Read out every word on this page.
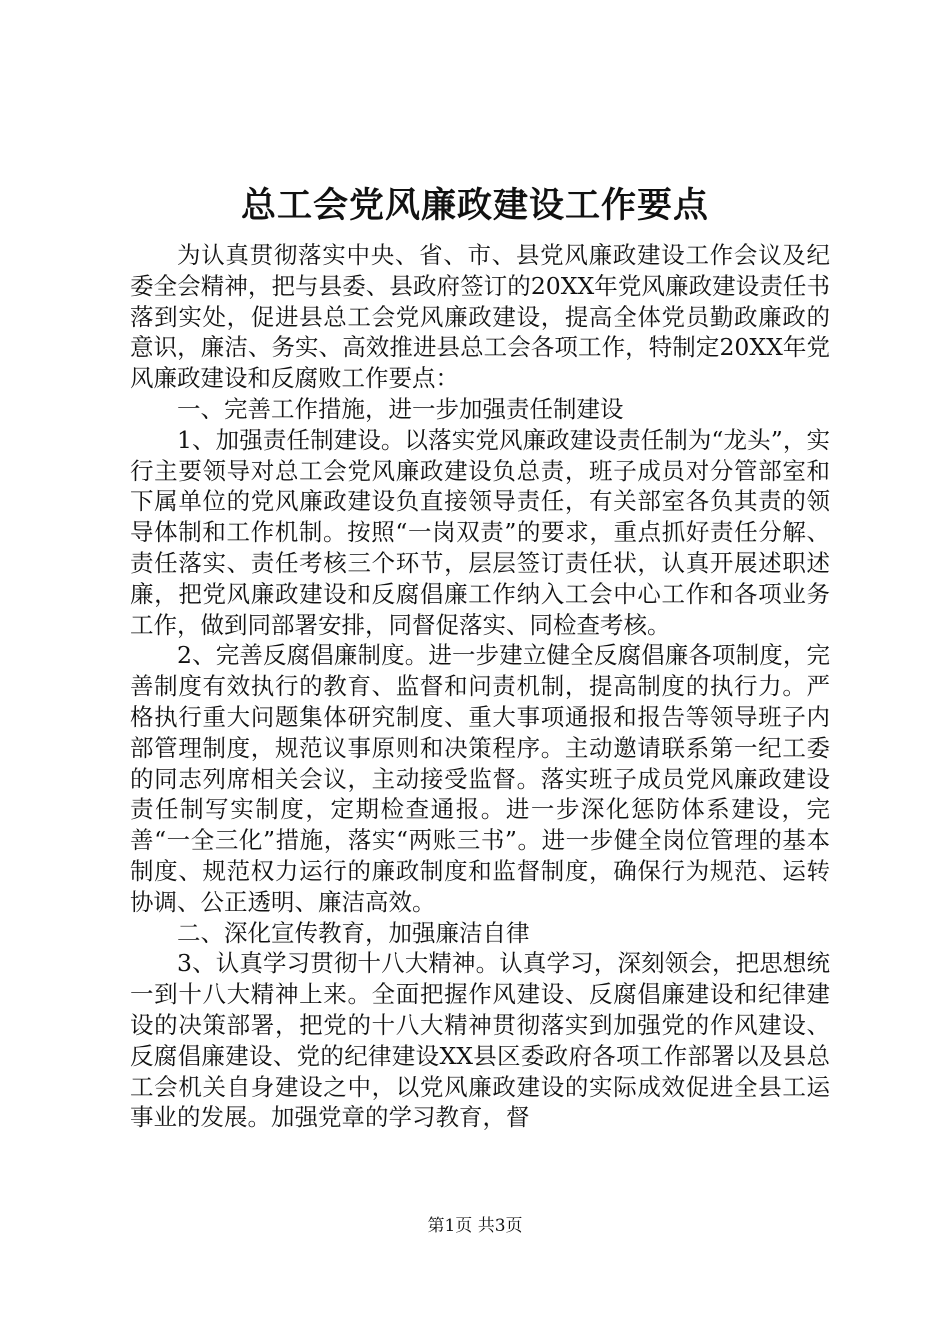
总工会党风廉政建设工作要点

为认真贯彻落实中央、省、市、县党风廉政建设工作会议及纪委全会精神，把与县委、县政府签订的20XX年党风廉政建设责任书落到实处，促进县总工会党风廉政建设，提高全体党员勤政廉政的意识，廉洁、务实、高效推进县总工会各项工作，特制定20XX年党风廉政建设和反腐败工作要点：

一、完善工作措施，进一步加强责任制建设

1、加强责任制建设。以落实党风廉政建设责任制为“龙头”，实行主要领导对总工会党风廉政建设负总责，班子成员对分管部室和下属单位的党风廉政建设负直接领导责任，有关部室各负其责的领导体制和工作机制。按照“一岗双责”的要求，重点抓好责任分解、责任落实、责任考核三个环节，层层签订责任状，认真开展述职述廉，把党风廉政建设和反腐倡廉工作纳入工会中心工作和各项业务工作，做到同部署安排，同督促落实、同检查考核。

2、完善反腐倡廉制度。进一步建立健全反腐倡廉各项制度，完善制度有效执行的教育、监督和问责机制，提高制度的执行力。严格执行重大问题集体研究制度、重大事项通报和报告等领导班子内部管理制度，规范议事原则和决策程序。主动邀请联系第一纪工委的同志列席相关会议，主动接受监督。落实班子成员党风廉政建设责任制写实制度，定期检查通报。进一步深化惩防体系建设，完善“一全三化”措施，落实“两账三书”。进一步健全岗位管理的基本制度、规范权力运行的廉政制度和监督制度，确保行为规范、运转协调、公正透明、廉洁高效。

二、深化宣传教育，加强廉洁自律

3、认真学习贯彻十八大精神。认真学习，深刻领会，把思想统一到十八大精神上来。全面把握作风建设、反腐倡廉建设和纪律建设的决策部署，把党的十八大精神贯彻落实到加强党的作风建设、反腐倡廉建设、党的纪律建设XX县区委政府各项工作部署以及县总工会机关自身建设之中，以党风廉政建设的实际成效促进全县工运事业的发展。加强党章的学习教育，督

第1页 共3页
